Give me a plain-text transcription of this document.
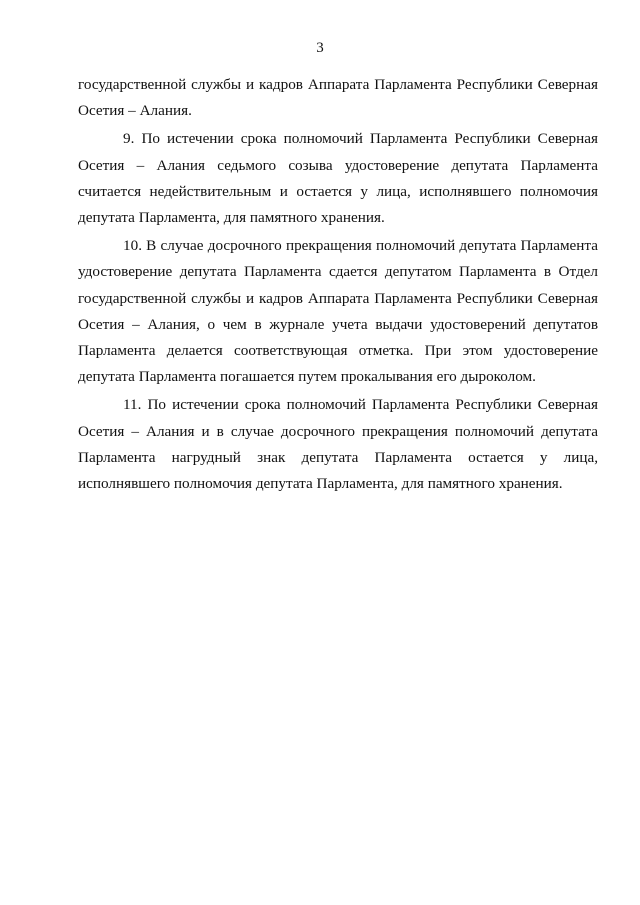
3

государственной службы и кадров Аппарата Парламента Республики Северная Осетия – Алания.

9. По истечении срока полномочий Парламента Республики Северная Осетия – Алания седьмого созыва удостоверение депутата Парламента считается недействительным и остается у лица, исполнявшего полномочия депутата Парламента, для памятного хранения.

10. В случае досрочного прекращения полномочий депутата Парламента удостоверение депутата Парламента сдается депутатом Парламента в Отдел государственной службы и кадров Аппарата Парламента Республики Северная Осетия – Алания, о чем в журнале учета выдачи удостоверений депутатов Парламента делается соответствующая отметка. При этом удостоверение депутата Парламента погашается путем прокалывания его дыроколом.

11. По истечении срока полномочий Парламента Республики Северная Осетия – Алания и в случае досрочного прекращения полномочий депутата Парламента нагрудный знак депутата Парламента остается у лица, исполнявшего полномочия депутата Парламента, для памятного хранения.
